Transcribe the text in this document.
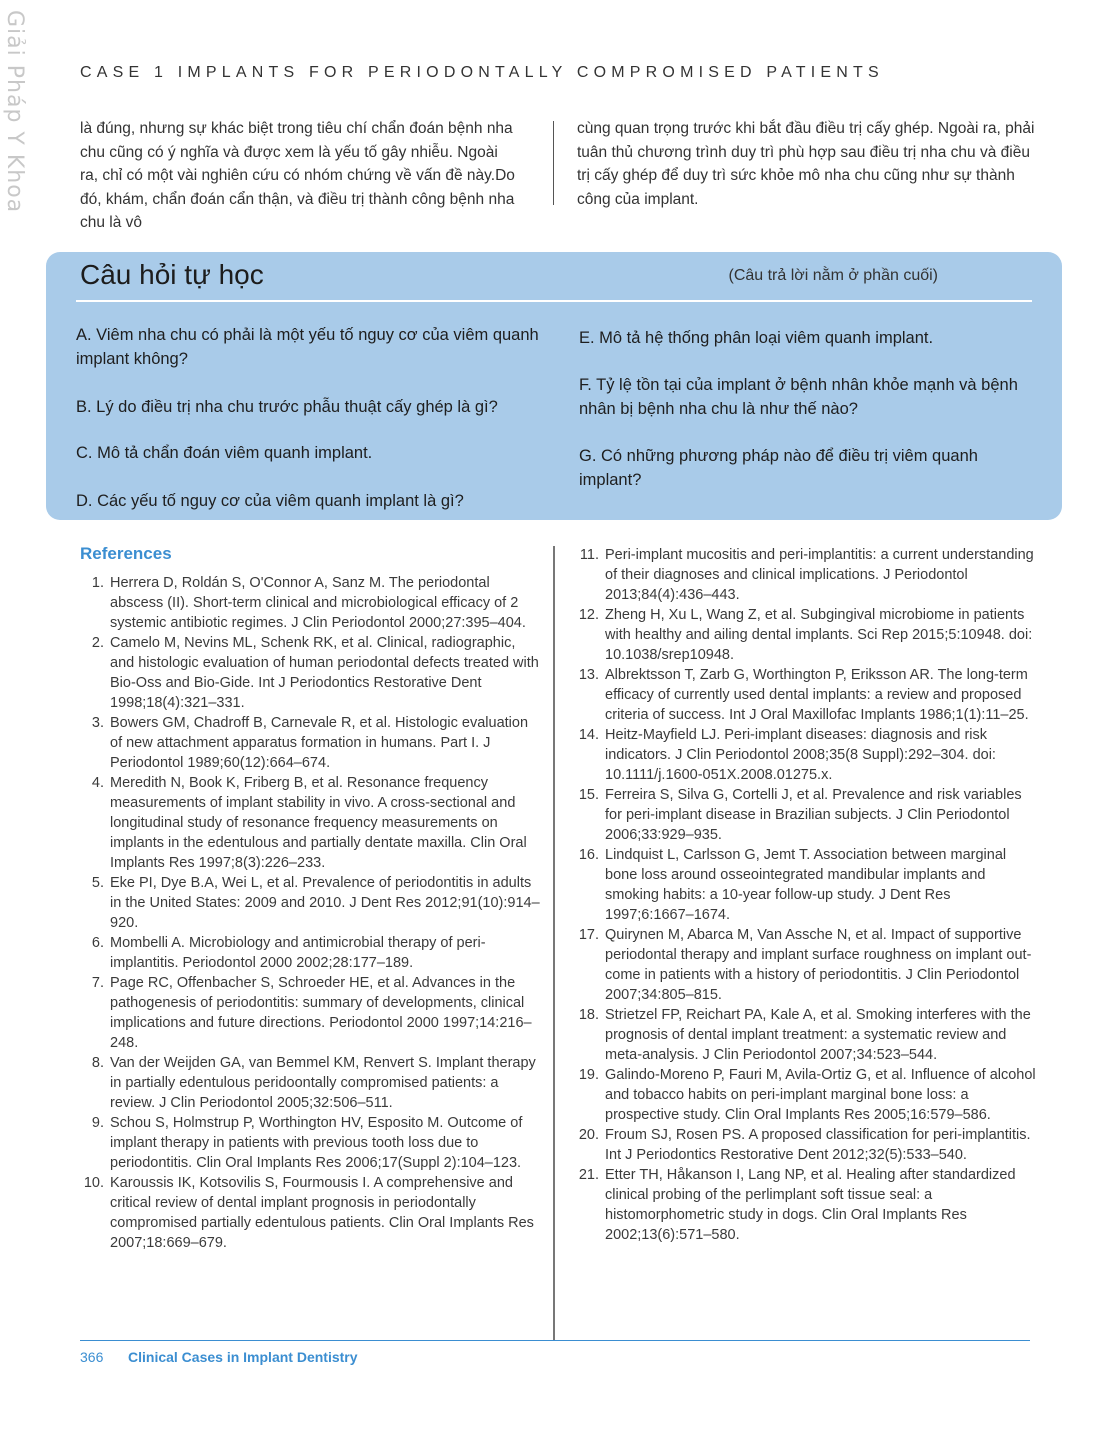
Giải Pháp Y Khoa	CASE 1 IMPLANTS FOR PERIODONTALLY COMPROMISED PATIENTS

là đúng, nhưng sự khác biệt trong tiêu chí chẩn đoán bệnh nha chu cũng có ý nghĩa và được xem là yếu tố gây nhiễu. Ngoài ra, chỉ có một vài nghiên cứu có nhóm chứng về vấn đề này.Do đó, khám, chẩn đoán cẩn thận, và điều trị thành công bệnh nha chu là vô

cùng quan trọng trước khi bắt đầu điều trị cấy ghép. Ngoài ra, phải tuân thủ chương trình duy trì phù hợp sau điều trị nha chu và điều trị cấy ghép để duy trì sức khỏe mô nha chu cũng như sự thành công của implant.

Câu hỏi tự học	(Câu trả lời nằm ở phần cuối)
A. Viêm nha chu có phải là một yếu tố nguy cơ của viêm quanh implant không?
B. Lý do điều trị nha chu trước phẫu thuật cấy ghép là gì?
C. Mô tả chẩn đoán viêm quanh implant.
D. Các yếu tố nguy cơ của viêm quanh implant là gì?
E. Mô tả hệ thống phân loại viêm quanh implant.
F. Tỷ lệ tồn tại của implant ở bệnh nhân khỏe mạnh và bệnh nhân bị bệnh nha chu là như thế nào?
G. Có những phương pháp nào để điều trị viêm quanh implant?
References
1. Herrera D, Roldán S, O'Connor A, Sanz M. The periodontal abscess (II). Short-term clinical and microbiological efficacy of 2 systemic antibiotic regimes. J Clin Periodontol 2000;27:395–404.
2. Camelo M, Nevins ML, Schenk RK, et al. Clinical, radiographic, and histologic evaluation of human periodontal defects treated with Bio-Oss and Bio-Gide. Int J Periodontics Restorative Dent 1998;18(4):321–331.
3. Bowers GM, Chadroff B, Carnevale R, et al. Histologic evaluation of new attachment apparatus formation in humans. Part I. J Periodontol 1989;60(12):664–674.
4. Meredith N, Book K, Friberg B, et al. Resonance frequency measurements of implant stability in vivo. A cross-sectional and longitudinal study of resonance frequency measurements on implants in the edentulous and partially dentate maxilla. Clin Oral Implants Res 1997;8(3):226–233.
5. Eke PI, Dye B.A, Wei L, et al. Prevalence of periodontitis in adults in the United States: 2009 and 2010. J Dent Res 2012;91(10):914–920.
6. Mombelli A. Microbiology and antimicrobial therapy of peri-implantitis. Periodontol 2000 2002;28:177–189.
7. Page RC, Offenbacher S, Schroeder HE, et al. Advances in the pathogenesis of periodontitis: summary of developments, clinical implications and future directions. Periodontol 2000 1997;14:216–248.
8. Van der Weijden GA, van Bemmel KM, Renvert S. Implant therapy in partially edentulous peridoontally compromised patients: a review. J Clin Periodontol 2005;32:506–511.
9. Schou S, Holmstrup P, Worthington HV, Esposito M. Outcome of implant therapy in patients with previous tooth loss due to periodontitis. Clin Oral Implants Res 2006;17(Suppl 2):104–123.
10. Karoussis IK, Kotsovilis S, Fourmousis I. A comprehensive and critical review of dental implant prognosis in periodontally compromised partially edentulous patients. Clin Oral Implants Res 2007;18:669–679.
11. Peri-implant mucositis and peri-implantitis: a current understanding of their diagnoses and clinical implications. J Periodontol 2013;84(4):436–443.
12. Zheng H, Xu L, Wang Z, et al. Subgingival microbiome in patients with healthy and ailing dental implants. Sci Rep 2015;5:10948. doi: 10.1038/srep10948.
13. Albrektsson T, Zarb G, Worthington P, Eriksson AR. The long-term efficacy of currently used dental implants: a review and proposed criteria of success. Int J Oral Maxillofac Implants 1986;1(1):11–25.
14. Heitz-Mayfield LJ. Peri-implant diseases: diagnosis and risk indicators. J Clin Periodontol 2008;35(8 Suppl):292–304. doi: 10.1111/j.1600-051X.2008.01275.x.
15. Ferreira S, Silva G, Cortelli J, et al. Prevalence and risk variables for peri-implant disease in Brazilian subjects. J Clin Periodontol 2006;33:929–935.
16. Lindquist L, Carlsson G, Jemt T. Association between marginal bone loss around osseointegrated mandibular implants and smoking habits: a 10-year follow-up study. J Dent Res 1997;6:1667–1674.
17. Quirynen M, Abarca M, Van Assche N, et al. Impact of supportive periodontal therapy and implant surface roughness on implant out- come in patients with a history of periodontitis. J Clin Periodontol 2007;34:805–815.
18. Strietzel FP, Reichart PA, Kale A, et al. Smoking interferes with the prognosis of dental implant treatment: a systematic review and meta-analysis. J Clin Periodontol 2007;34:523–544.
19. Galindo-Moreno P, Fauri M, Avila-Ortiz G, et al. Influence of alcohol and tobacco habits on peri-implant marginal bone loss: a prospective study. Clin Oral Implants Res 2005;16:579–586.
20. Froum SJ, Rosen PS. A proposed classification for peri-implantitis. Int J Periodontics Restorative Dent 2012;32(5):533–540.
21. Etter TH, Håkanson I, Lang NP, et al. Healing after standardized clinical probing of the perlimplant soft tissue seal: a histomorphometric study in dogs. Clin Oral Implants Res 2002;13(6):571–580.
366 Clinical Cases in Implant Dentistry
